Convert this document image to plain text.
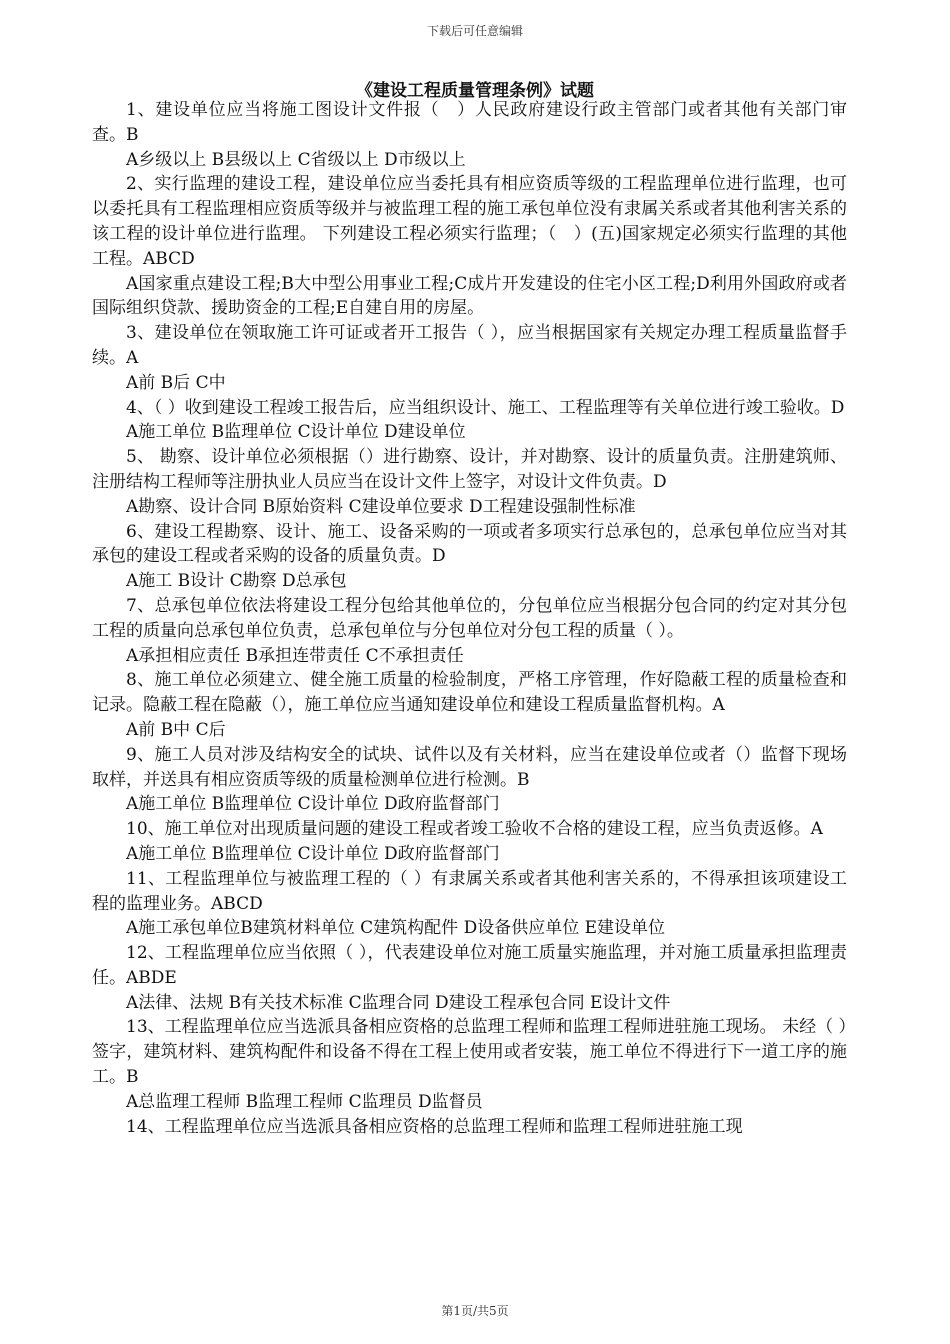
下载后可任意编辑
《建设工程质量管理条例》试题

1、建设单位应当将施工图设计文件报（　）人民政府建设行政主管部门或者其他有关部门审查。B

A乡级以上 B县级以上 C省级以上 D市级以上

2、实行监理的建设工程，建设单位应当委托具有相应资质等级的工程监理单位进行监理，也可以委托具有工程监理相应资质等级并与被监理工程的施工承包单位没有隶属关系或者其他利害关系的该工程的设计单位进行监理。 下列建设工程必须实行监理；（　）(五)国家规定必须实行监理的其他工程。ABCD

A国家重点建设工程;B大中型公用事业工程;C成片开发建设的住宅小区工程;D利用外国政府或者国际组织贷款、援助资金的工程;E自建自用的房屋。

3、建设单位在领取施工许可证或者开工报告（ ），应当根据国家有关规定办理工程质量监督手续。A

A前 B后 C中

4、（ ）收到建设工程竣工报告后，应当组织设计、施工、工程监理等有关单位进行竣工验收。D

A施工单位 B监理单位 C设计单位 D建设单位

5、 勘察、设计单位必须根据（）进行勘察、设计，并对勘察、设计的质量负责。注册建筑师、注册结构工程师等注册执业人员应当在设计文件上签字，对设计文件负责。D

A勘察、设计合同 B原始资料 C建设单位要求 D工程建设强制性标准

6、建设工程勘察、设计、施工、设备采购的一项或者多项实行总承包的，总承包单位应当对其承包的建设工程或者采购的设备的质量负责。D

A施工 B设计 C勘察 D总承包

7、总承包单位依法将建设工程分包给其他单位的，分包单位应当根据分包合同的约定对其分包工程的质量向总承包单位负责，总承包单位与分包单位对分包工程的质量（ ）。

A承担相应责任 B承担连带责任 C不承担责任

8、施工单位必须建立、健全施工质量的检验制度，严格工序管理，作好隐蔽工程的质量检查和记录。隐蔽工程在隐蔽（），施工单位应当通知建设单位和建设工程质量监督机构。A

A前 B中 C后

9、施工人员对涉及结构安全的试块、试件以及有关材料，应当在建设单位或者（）监督下现场取样，并送具有相应资质等级的质量检测单位进行检测。B

A施工单位 B监理单位 C设计单位 D政府监督部门

10、施工单位对出现质量问题的建设工程或者竣工验收不合格的建设工程，应当负责返修。A

A施工单位 B监理单位 C设计单位 D政府监督部门

11、工程监理单位与被监理工程的（ ）有隶属关系或者其他利害关系的，不得承担该项建设工程的监理业务。ABCD

A施工承包单位B建筑材料单位 C建筑构配件 D设备供应单位 E建设单位

12、工程监理单位应当依照（ ），代表建设单位对施工质量实施监理，并对施工质量承担监理责任。ABDE

A法律、法规 B有关技术标准 C监理合同 D建设工程承包合同 E设计文件

13、工程监理单位应当选派具备相应资格的总监理工程师和监理工程师进驻施工现场。 未经（ ）签字，建筑材料、建筑构配件和设备不得在工程上使用或者安装，施工单位不得进行下一道工序的施工。B

A总监理工程师 B监理工程师 C监理员 D监督员

14、工程监理单位应当选派具备相应资格的总监理工程师和监理工程师进驻施工现

第1页/共5页
